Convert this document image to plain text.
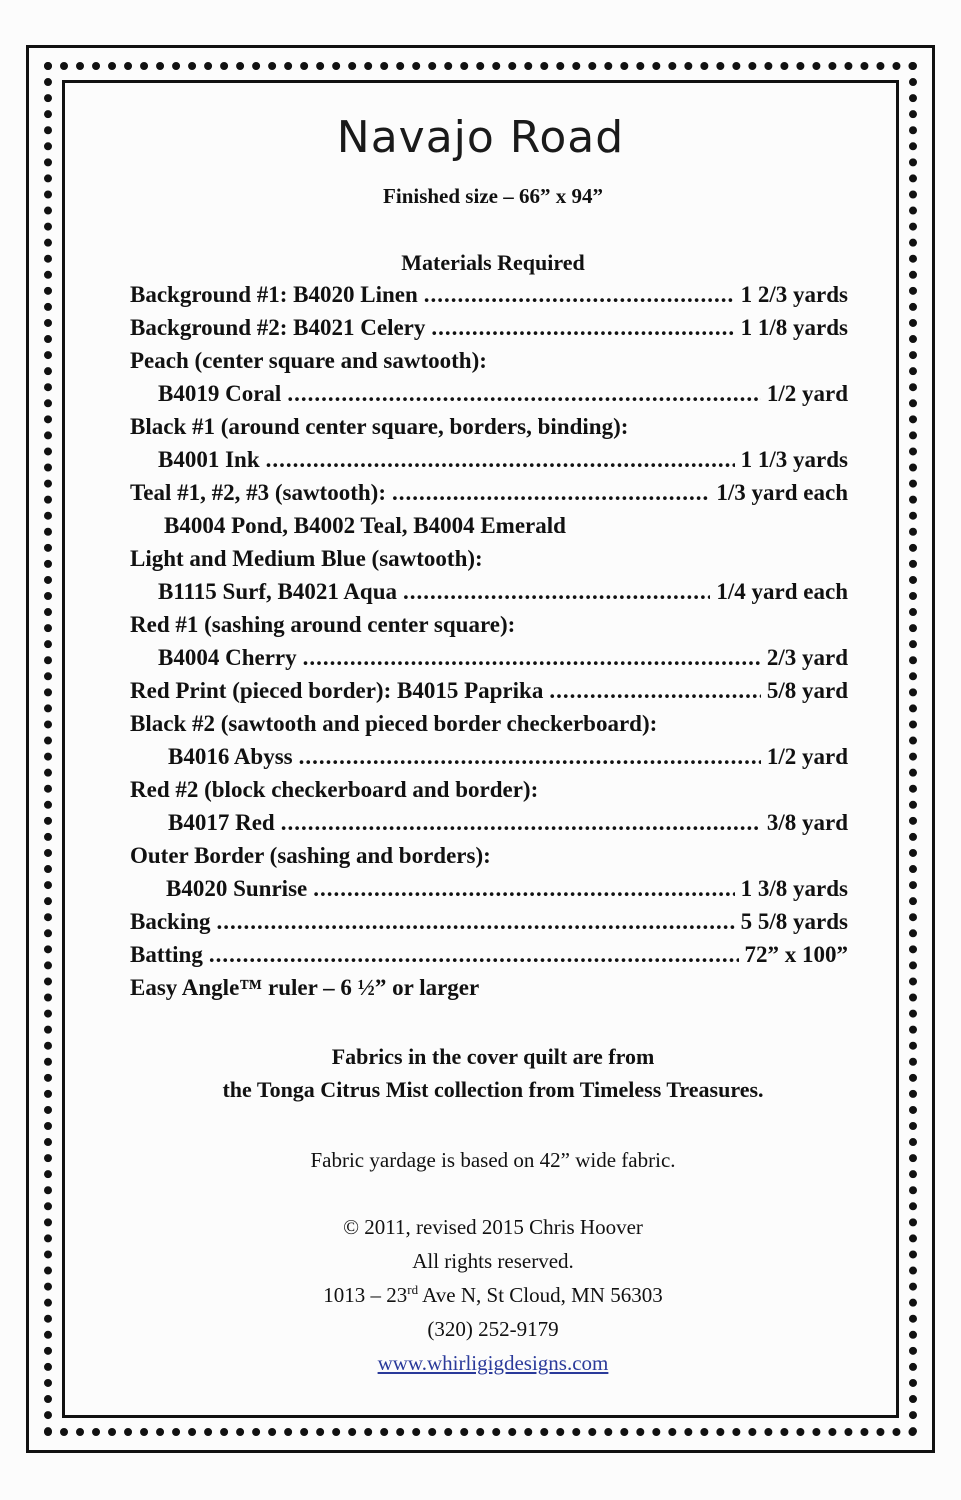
Navajo Road
Finished size – 66” x 94”
Materials Required
Background #1: B4020 Linen .....	1 2/3 yards
Background #2: B4021 Celery .....	1 1/8 yards
Peach (center square and sawtooth):
B4019 Coral .....	1/2 yard
Black #1 (around center square, borders, binding):
B4001 Ink .....	1 1/3 yards
Teal #1, #2, #3 (sawtooth): .....	1/3 yard each
B4004 Pond, B4002 Teal, B4004 Emerald
Light and Medium Blue (sawtooth):
B1115 Surf, B4021 Aqua .....	1/4 yard each
Red #1 (sashing around center square):
B4004 Cherry .....	2/3 yard
Red Print (pieced border): B4015 Paprika .....	5/8 yard
Black #2 (sawtooth and pieced border checkerboard):
B4016 Abyss .....	1/2 yard
Red #2 (block checkerboard and border):
B4017 Red .....	3/8 yard
Outer Border (sashing and borders):
B4020 Sunrise .....	1 3/8 yards
Backing .....	5 5/8 yards
Batting .....	72” x 100”
Easy Angle™ ruler – 6 ½” or larger
Fabrics in the cover quilt are from
the Tonga Citrus Mist collection from Timeless Treasures.
Fabric yardage is based on 42” wide fabric.
© 2011, revised 2015 Chris Hoover
All rights reserved.
1013 – 23rd Ave N, St Cloud, MN 56303
(320) 252-9179
www.whirligigdesigns.com
